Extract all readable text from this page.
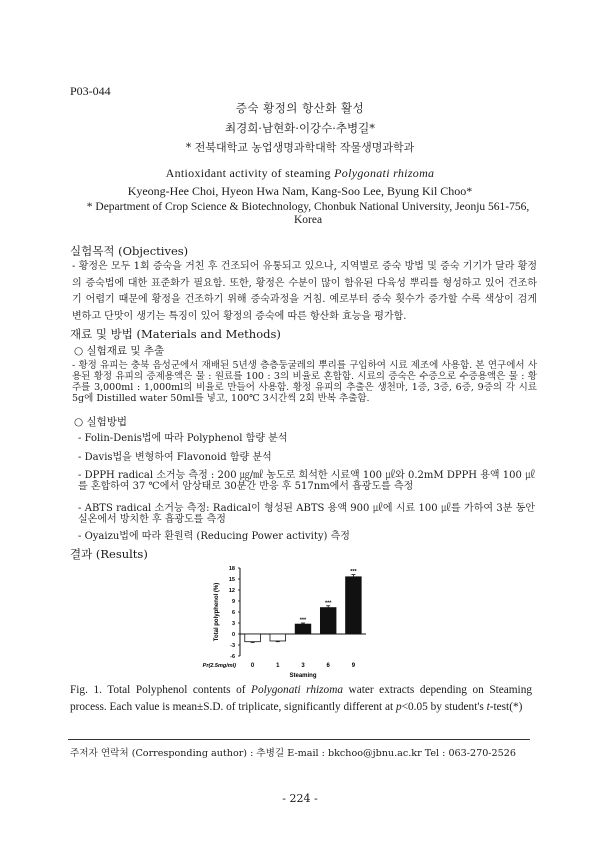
P03-044
증숙 황정의 항산화 활성
최경희·남현화·이강수·추병길*
* 전북대학교 농업생명과학대학 작물생명과학과
Antioxidant activity of steaming Polygonati rhizoma
Kyeong-Hee Choi, Hyeon Hwa Nam, Kang-Soo Lee, Byung Kil Choo*
* Department of Crop Science & Biotechnology, Chonbuk National University, Jeonju 561-756, Korea
실험목적 (Objectives)
- 황정은 모두 1회 증숙을 거친 후 건조되어 유통되고 있으나, 지역별로 증숙 방법 및 증숙 기기가 달라 황정의 증숙법에 대한 표준화가 필요함. 또한, 황정은 수분이 많이 함유된 다육성 뿌리를 형성하고 있어 건조하기 어렵기 때문에 황정을 건조하기 위해 증숙과정을 거침. 예로부터 증숙 횟수가 증가할 수록 색상이 검게 변하고 단맛이 생기는 특징이 있어 황정의 증숙에 따른 항산화 효능을 평가함.
재료 및 방법 (Materials and Methods)
○ 실험재료 및 추출
- 황정 유피는 충북 음성군에서 재배된 5년생 층층둥굴레의 뿌리를 구입하여 시료 제조에 사용함. 본 연구에서 사용된 황정 유피의 증제용액은 물 : 원료를 100 : 3의 비율로 혼합함. 시료의 증숙은 수증으로 수증용액은 물 : 황주를 3,000ml : 1,000ml의 비율로 만들어 사용함. 황정 유피의 추출은 생천마, 1증, 3증, 6증, 9증의 각 시료 5g에 Distilled water 50ml를 넣고, 100℃ 3시간씩 2회 반복 추출함.
○ 실험방법
- Folin-Denis법에 따라 Polyphenol 함량 분석
- Davis법을 변형하여 Flavonoid 함량 분석
- DPPH radical 소거능 측정 : 200 ㎍/㎖ 농도로 희석한 시료액 100 ㎕와 0.2mM DPPH 용액 100 ㎕를 혼합하여 37 ℃에서 암상태로 30분간 반응 후 517nm에서 흡광도를 측정
- ABTS radical 소거능 측정: Radical이 형성된 ABTS 용액 900 ㎕에 시료 100 ㎕를 가하여 3분 동안 실온에서 방치한 후 흡광도를 측정
- Oyaizu법에 따라 환원력 (Reducing Power activity) 측정
결과 (Results)
18
15
12
9
6
3
0
-3
-6
Total polyphenol (%)
0	1
***
3
***
6
***
9
Pr(2.5mg/ml)
Steaming
Fig. 1. Total Polyphenol contents of Polygonati rhizoma water extracts depending on Steaming process. Each value is mean±S.D. of triplicate, significantly different at p<0.05 by student's t-test(*)
주저자 연락처 (Corresponding author) : 추병길 E-mail : bkchoo@jbnu.ac.kr Tel : 063-270-2526
- 224 -
